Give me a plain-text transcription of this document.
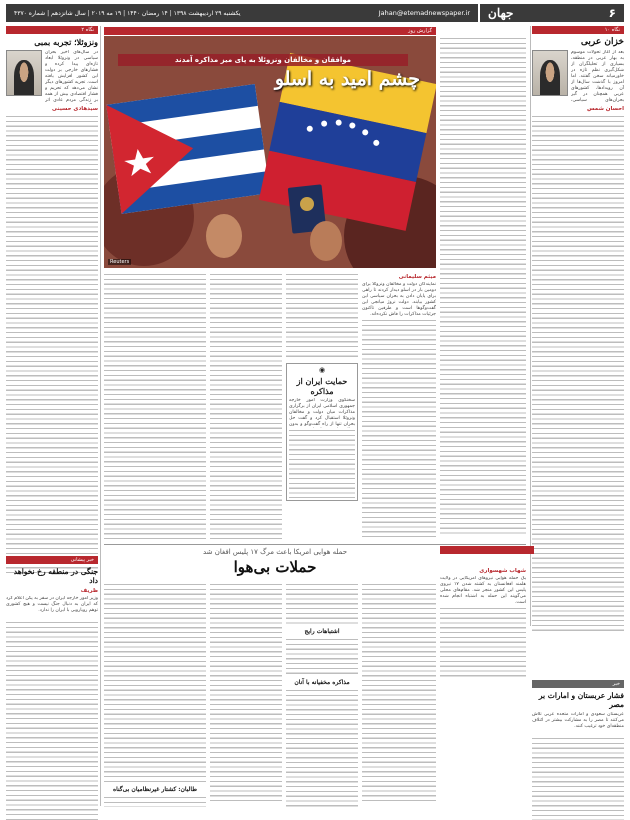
یکشنبه ۲۹ اردیبهشت ۱۳۹۸ | ۱۴ رمضان ۱۴۴۰ | ۱۹ مه ۲۰۱۹ | سال شانزدهم | شماره ۴۳۷۰	Jahan@etemadnewspaper.ir جهان	۶
نگاه ۱۰
خزان عربی
بعد از آغاز تحولات موسوم به بهار عربی در منطقه، بسیاری از تحلیلگران از شکل‌گیری نظم تازه در خاورمیانه سخن گفتند. اما امروز با گذشت سال‌ها از آن رویدادها، کشورهای عربی همچنان در گیر بحران‌های سیاسی،
احسان شمس
نگاه ۲
ونزوئلا؛ تجربه بمبی
در سال‌های اخیر بحران سیاسی در ونزوئلا ابعاد تازه‌ای پیدا کرده و فشارهای خارجی بر دولت این کشور افزایش یافته است. تجربه کشورهای دیگر نشان می‌دهد که تحریم و فشار اقتصادی بیش از همه بر زندگی مردم عادی اثر
سیدهادی حسینی
گزارش روز
Reuters
موافقان و مخالفان ونزوئلا به پای میز مذاکره آمدند
چشم امید به اسلو
میثم سلیمانی
نمایندگان دولت و مخالفان ونزوئلا برای دومین بار در اسلو دیدار کردند تا راهی برای پایان دادن به بحران سیاسی این کشور بیابند. دولت نروژ میانجی این گفت‌وگوها است و طرفین تاکنون جزئیات مذاکرات را فاش نکرده‌اند.
◉
حمایت ایران از مذاکره
سخنگوی وزارت امور خارجه جمهوری اسلامی ایران از برگزاری مذاکرات میان دولت و مخالفان ونزوئلا استقبال کرد و گفت حل بحران تنها از راه گفت‌وگو و بدون
حمله هوایی امریکا باعث مرگ ۱۷ پلیس افغان شد
حملات بی‌هوا	شهاب شهسواری
یک حمله هوایی نیروهای امریکایی در ولایت هلمند افغانستان به کشته شدن ۱۷ نیروی پلیس این کشور منجر شد. مقام‌های محلی می‌گویند این حمله به اشتباه انجام شده است.
اشتباهات رایج
مذاکره مخفیانه با آنان
طالبان: کشتار غیرنظامیان بی‌گناه
خبر پیشانی
جنگی در منطقه رخ نخواهد داد
ظریف
وزیر امور خارجه ایران در سفر به پکن اعلام کرد که ایران به دنبال جنگ نیست و هیچ کشوری توهم رویارویی با ایران را ندارد.
خبر
فشار عربستان و امارات بر مصر
عربستان سعودی و امارات متحده عربی تلاش می‌کنند تا مصر را به مشارکت بیشتر در ائتلاف منطقه‌ای خود ترغیب کنند.
